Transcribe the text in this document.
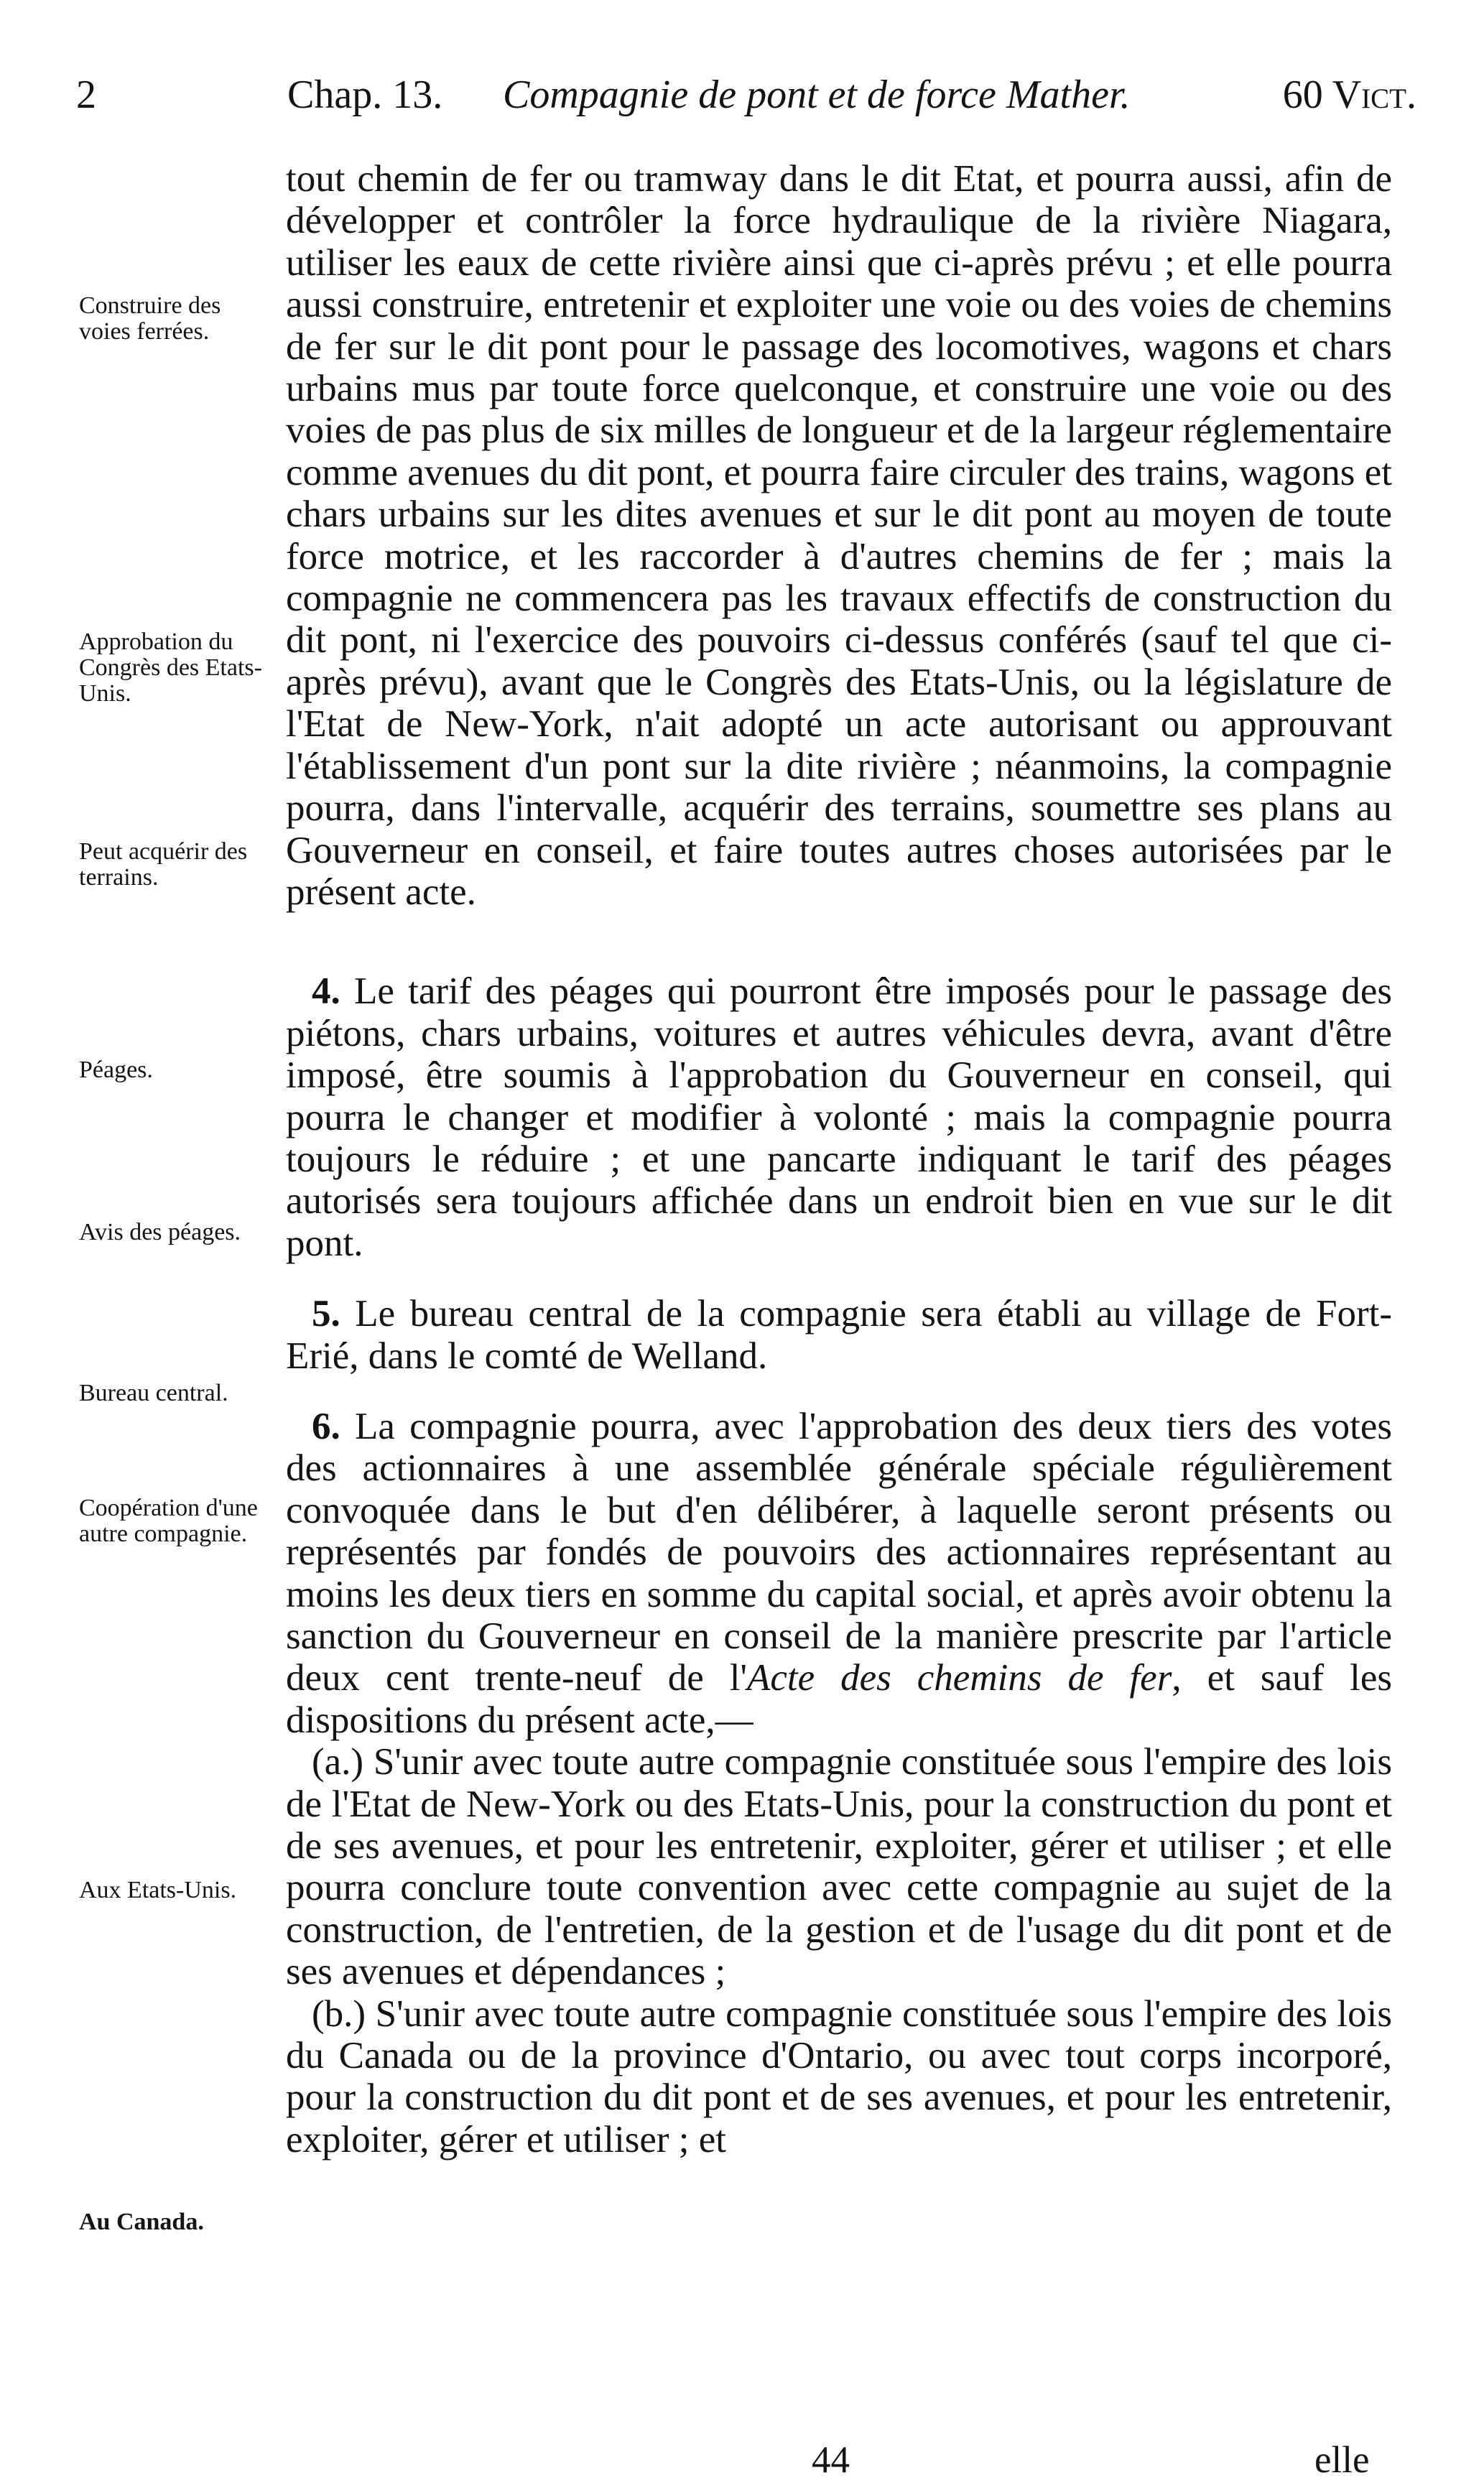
2	Chap. 13. Compagnie de pont et de force Mather.	60 Vict.
Construire des voies ferrées.
Approbation du Congrès des Etats-Unis.
Peut acquérir des terrains.
Péages.
Avis des péages.
Bureau central.
Coopération d'une autre compagnie.
Aux Etats-Unis.
Au Canada.

tout chemin de fer ou tramway dans le dit Etat, et pourra aussi, afin de développer et contrôler la force hydraulique de la rivière Niagara, utiliser les eaux de cette rivière ainsi que ci-après prévu ; et elle pourra aussi construire, entretenir et exploiter une voie ou des voies de chemins de fer sur le dit pont pour le passage des locomotives, wagons et chars urbains mus par toute force quelconque, et construire une voie ou des voies de pas plus de six milles de longueur et de la largeur réglementaire comme avenues du dit pont, et pourra faire circuler des trains, wagons et chars urbains sur les dites avenues et sur le dit pont au moyen de toute force motrice, et les raccorder à d'autres chemins de fer ; mais la compagnie ne commencera pas les travaux effectifs de construction du dit pont, ni l'exercice des pouvoirs ci-dessus conférés (sauf tel que ci-après prévu), avant que le Congrès des Etats-Unis, ou la législature de l'Etat de New-York, n'ait adopté un acte autorisant ou approuvant l'établissement d'un pont sur la dite rivière ; néanmoins, la compagnie pourra, dans l'intervalle, acquérir des terrains, soumettre ses plans au Gouverneur en conseil, et faire toutes autres choses autorisées par le présent acte.

4. Le tarif des péages qui pourront être imposés pour le passage des piétons, chars urbains, voitures et autres véhicules devra, avant d'être imposé, être soumis à l'approbation du Gouverneur en conseil, qui pourra le changer et modifier à volonté ; mais la compagnie pourra toujours le réduire ; et une pancarte indiquant le tarif des péages autorisés sera toujours affichée dans un endroit bien en vue sur le dit pont.

5. Le bureau central de la compagnie sera établi au village de Fort-Erié, dans le comté de Welland.

6. La compagnie pourra, avec l'approbation des deux tiers des votes des actionnaires à une assemblée générale spéciale régulièrement convoquée dans le but d'en délibérer, à laquelle seront présents ou représentés par fondés de pouvoirs des actionnaires représentant au moins les deux tiers en somme du capital social, et après avoir obtenu la sanction du Gouverneur en conseil de la manière prescrite par l'article deux cent trente-neuf de l'Acte des chemins de fer, et sauf les dispositions du présent acte,—

(a.) S'unir avec toute autre compagnie constituée sous l'empire des lois de l'Etat de New-York ou des Etats-Unis, pour la construction du pont et de ses avenues, et pour les entretenir, exploiter, gérer et utiliser ; et elle pourra conclure toute convention avec cette compagnie au sujet de la construction, de l'entretien, de la gestion et de l'usage du dit pont et de ses avenues et dépendances ;

(b.) S'unir avec toute autre compagnie constituée sous l'empire des lois du Canada ou de la province d'Ontario, ou avec tout corps incorporé, pour la construction du dit pont et de ses avenues, et pour les entretenir, exploiter, gérer et utiliser ; et

44	elle
